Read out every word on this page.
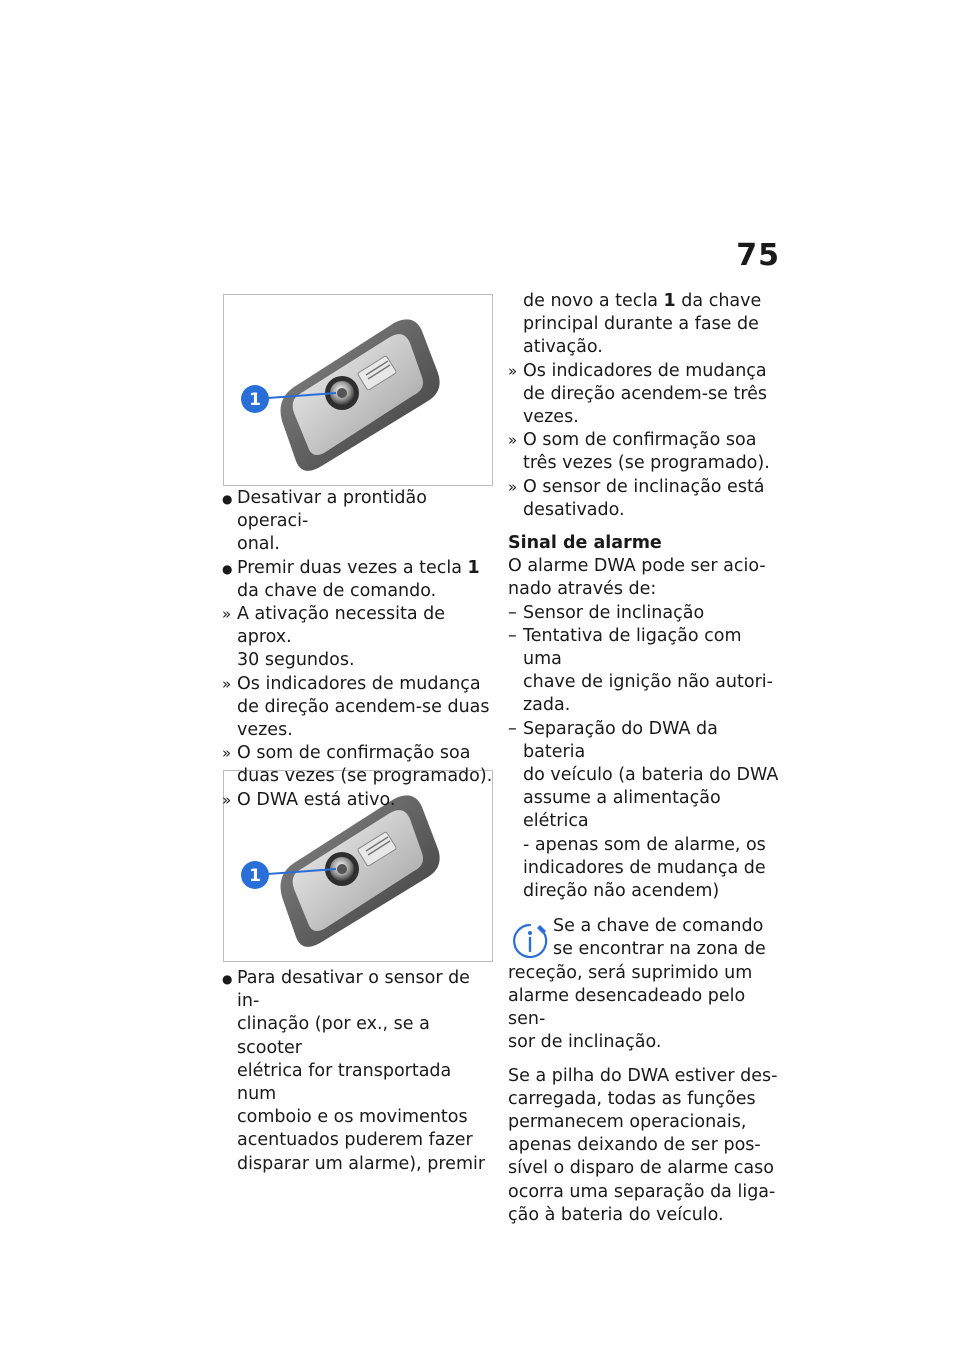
75
1
1
● Desativar a prontidão operaci-
onal.
● Premir duas vezes a tecla 1
da chave de comando.
» A ativação necessita de aprox.
30 segundos.
» Os indicadores de mudança
de direção acendem-se duas
vezes.
» O som de confirmação soa
duas vezes (se programado).
» O DWA está ativo.
● Para desativar o sensor de in-
clinação (por ex., se a scooter
elétrica for transportada num
comboio e os movimentos
acentuados puderem fazer
disparar um alarme), premir
de novo a tecla 1 da chave
principal durante a fase de
ativação.
» Os indicadores de mudança
de direção acendem-se três
vezes.
» O som de confirmação soa
três vezes (se programado).
» O sensor de inclinação está
desativado.
Sinal de alarme
O alarme DWA pode ser acio-
nado através de:
– Sensor de inclinação
– Tentativa de ligação com uma
chave de ignição não autori-
zada.
– Separação do DWA da bateria
do veículo (a bateria do DWA
assume a alimentação elétrica
- apenas som de alarme, os
indicadores de mudança de
direção não acendem)
Se a chave de comando
se encontrar na zona de
receção, será suprimido um
alarme desencadeado pelo sen-
sor de inclinação.
Se a pilha do DWA estiver des-
carregada, todas as funções
permanecem operacionais,
apenas deixando de ser pos-
sível o disparo de alarme caso
ocorra uma separação da liga-
ção à bateria do veículo.
